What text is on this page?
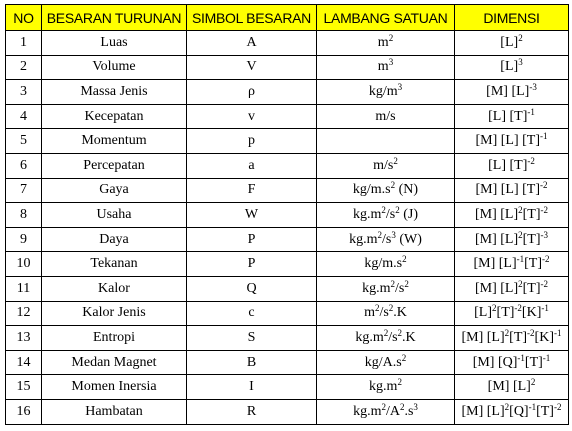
NO	BESARAN TURUNAN	SIMBOL BESARAN	LAMBANG SATUAN	DIMENSI
1	Luas	A	$m^2$	$[L]^2$
2	Volume	V	$m^3$	$[L]^3$
3	Massa Jenis	ρ	$kg/m^3$	[M] $[L]^{-3}$
4	Kecepatan	v	m/s	[L] $[T]^{-1}$
5	Momentum	p		[M] [L] $[T]^{-1}$
6	Percepatan	a	$m/s^2$	[L] $[T]^{-2}$
7	Gaya	F	$kg/m.s^2$ (N)	[M] [L] $[T]^{-2}$
8	Usaha	W	$kg.m^2/s^2$ (J)	[M] $[L]^2[T]^{-2}$
9	Daya	P	$kg.m^2/s^3$ (W)	[M] $[L]^2[T]^{-3}$
10	Tekanan	P	$kg/m.s^2$	[M] $[L]^{-1}[T]^{-2}$
11	Kalor	Q	$kg.m^2/s^2$	[M] $[L]^2[T]^{-2}$
12	Kalor Jenis	c	$m^2/s^2.K$	$[L]^2[T]^{-2}[K]^{-1}$
13	Entropi	S	$kg.m^2/s^2.K$	[M] $[L]^2[T]^{-2}[K]^{-1}$
14	Medan Magnet	B	$kg/A.s^2$	[M] $[Q]^{-1}[T]^{-1}$
15	Momen Inersia	I	$kg.m^2$	[M] $[L]^2$
16	Hambatan	R	$kg.m^2/A^2.s^3$	[M] $[L]^2[Q]^{-1}[T]^{-2}$
